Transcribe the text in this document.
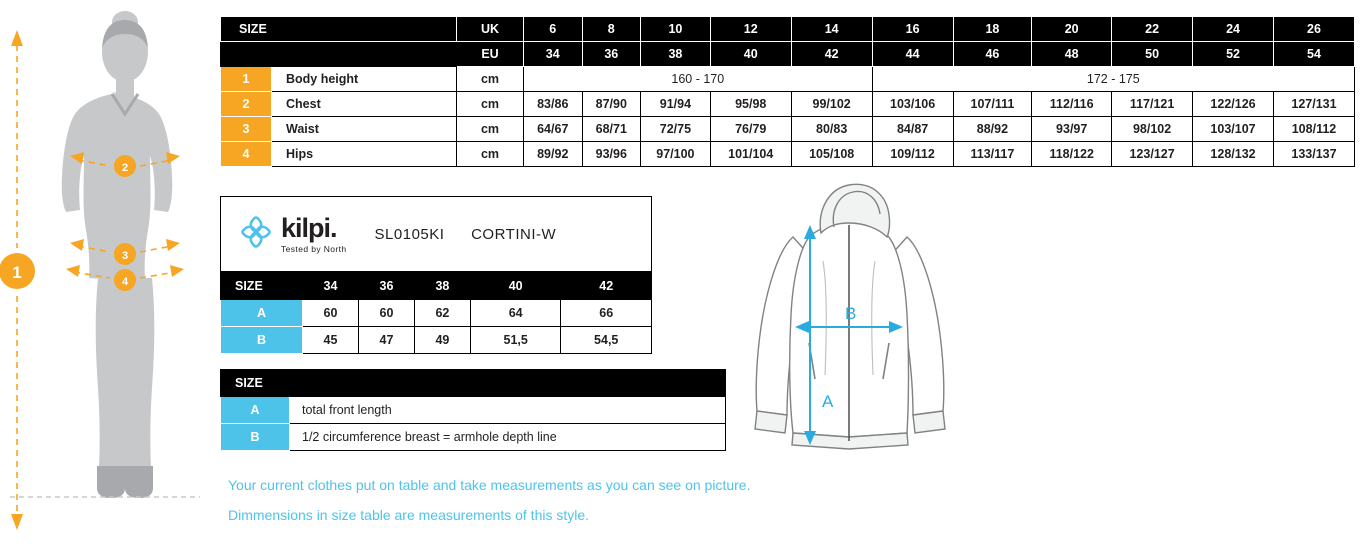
1
2
3
4
SIZE		UK	6	8	10	12	14	16	18	20	22	24	26
		EU	34	36	38	40	42	44	46	48	50	52	54
1	Body height	cm	160 - 170					172 - 175					
2	Chest	cm	83/86	87/90	91/94	95/98	99/102	103/106	107/111	112/116	117/121	122/126	127/131
3	Waist	cm	64/67	68/71	72/75	76/79	80/83	84/87	88/92	93/97	98/102	103/107	108/112
4	Hips	cm	89/92	93/96	97/100	101/104	105/108	109/112	113/117	118/122	123/127	128/132	133/137
kilpi.
Tested by North
SL0105KI CORTINI-W
SIZE	34	36	38	40	42
A	60	60	62	64	66
B	45	47	49	51,5	54,5
SIZE	
A	total front length
B	1/2 circumference breast = armhole depth line
Your current clothes put on table and take measurements as you can see on picture.
Dimmensions in size table are measurements of this style.
A
B
